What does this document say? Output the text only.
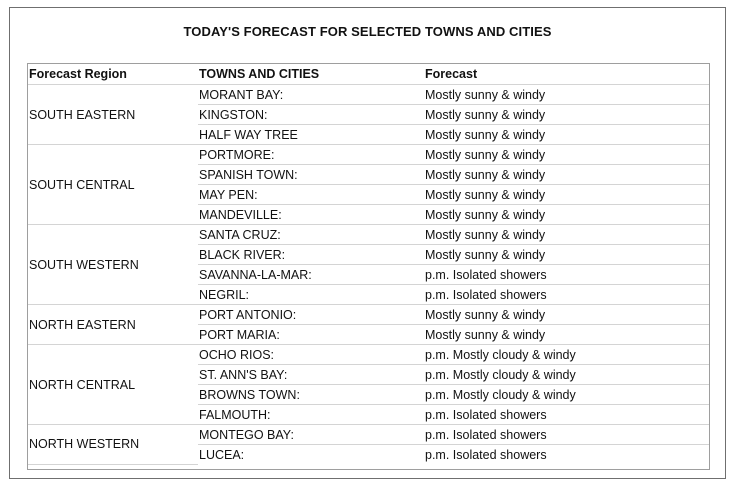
TODAY'S FORECAST FOR SELECTED TOWNS AND CITIES
Forecast Region	TOWNS AND CITIES	Forecast
SOUTH EASTERN	MORANT BAY:	Mostly sunny & windy
	KINGSTON:	Mostly sunny & windy
	HALF WAY TREE	Mostly sunny & windy
SOUTH CENTRAL	PORTMORE:	Mostly sunny & windy
	SPANISH TOWN:	Mostly sunny & windy
	MAY PEN:	Mostly sunny & windy
	MANDEVILLE:	Mostly sunny & windy
SOUTH WESTERN	SANTA CRUZ:	Mostly sunny & windy
	BLACK RIVER:	Mostly sunny & windy
	SAVANNA-LA-MAR:	p.m. Isolated showers
	NEGRIL:	p.m. Isolated showers
NORTH EASTERN	PORT ANTONIO:	Mostly sunny & windy
	PORT MARIA:	Mostly sunny & windy
NORTH CENTRAL	OCHO RIOS:	p.m. Mostly cloudy & windy
	ST. ANN'S BAY:	p.m. Mostly cloudy & windy
	BROWNS TOWN:	p.m. Mostly cloudy & windy
	FALMOUTH:	p.m. Isolated showers
NORTH WESTERN	MONTEGO BAY:	p.m. Isolated showers
	LUCEA:	p.m. Isolated showers
